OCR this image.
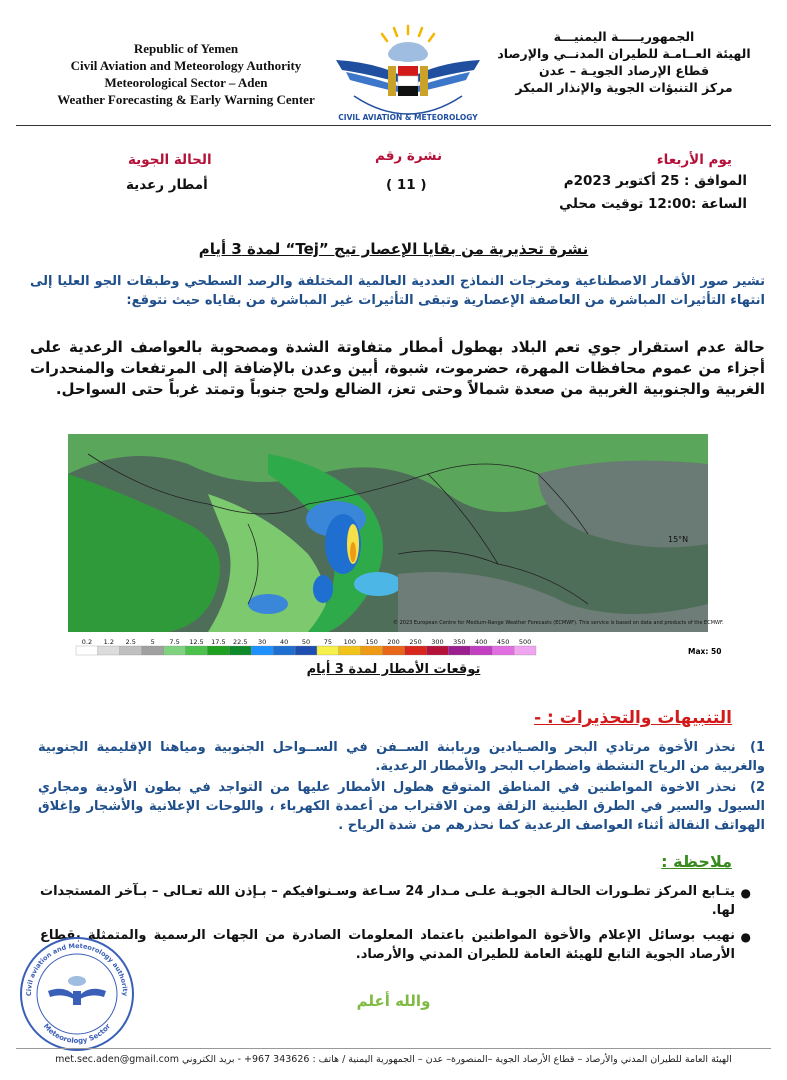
Republic of Yemen
Civil Aviation and Meteorology Authority
Meteorological Sector – Aden
Weather Forecasting & Early Warning Center
الجمهوريـــــة اليمنيـــة
الهيئة العــامـة للطيران المدنــي والإرصاد
قطاع الإرصاد الجويـة – عدن
مركز التنبؤات الجوية والإنذار المبكر
CIVIL AVIATION & METEOROLOGY
الحالة الجوية
أمطار رعدية
نشرة رقم
( 11 )
يوم الأربعاء
الموافق : 25 أكتوبر 2023م
الساعة :12:00 توقيت محلي
نشرة تحذيرية من بقايا الإعصار تيج ”Tej“ لمدة 3 أيام
تشير صور الأقمار الاصطناعية ومخرجات النماذج العددية العالمية المختلفة والرصد السطحي وطبقات الجو العليا إلى انتهاء التأثيرات المباشرة من العاصفة الإعصارية وتبقى التأثيرات غير المباشرة من بقاياه حيث نتوقع:
حالة عدم استقرار جوي تعم البلاد بهطول أمطار متفاوتة الشدة ومصحوبة بالعواصف الرعدية على أجزاء من عموم محافظات المهرة، حضرموت، شبوة، أبين وعدن بالإضافة إلى المرتفعات والمنحدرات الغربية والجنوبية الغربية من صعدة شمالاً وحتى تعز، الضالع ولحج جنوباً وتمتد غرباً حتى السواحل.
15°N
© 2023 European Centre for Medium-Range Weather Forecasts (ECMWF). This service is based on data and products of the ECMWF.
0.2 1.2 2.5 5 7.5 12.5 17.5 22.5 30 40 50 75 100 150 200 250 300 350 400 450 500
Max: 50
توقعات الأمطار لمدة 3 أيام
التنبيهات والتحذيرات : -
1) نحذر الأخوة مرتادي البحر والصـيادين وربابنة الســفن في الســواحل الجنوبية ومياهنا الإقليمية الجنوبية والغربية من الرياح النشطة واضطراب البحر والأمطار الرعدية.
2) نحذر الاخوة المواطنين في المناطق المتوقع هطول الأمطار عليها من التواجد في بطون الأودية ومجاري السيول والسير في الطرق الطينية الزلقة ومن الاقتراب من أعمدة الكهرباء ، واللوحات الإعلانية والأشجار وإغلاق الهواتف النقالة أثناء العواصف الرعدية كما نحذرهم من شدة الرياح .
ملاحظة :
●
يتـابع المركز تطـورات الحالـة الجويـة علـى مـدار 24 سـاعة وسـنوافيكم – بـإذن الله تعـالى – بـآخر المستجدات لها.
●
نهيب بوسائل الإعلام والأخوة المواطنين باعتماد المعلومات الصادرة من الجهات الرسمية والمتمثلة بقطاع الأرصاد الجوية التابع للهيئة العامة للطيران المدني والأرصاد.
والله أعلم
Civil aviation and Meteorology authority
Meteorology Sector
الهيئة العامة للطيران المدني والأرصاد – قطاع الأرصاد الجوية –المنصورة– عدن – الجمهورية اليمنية / هاتف : 343626 967+ - بريد الكتروني met.sec.aden@gmail.com
